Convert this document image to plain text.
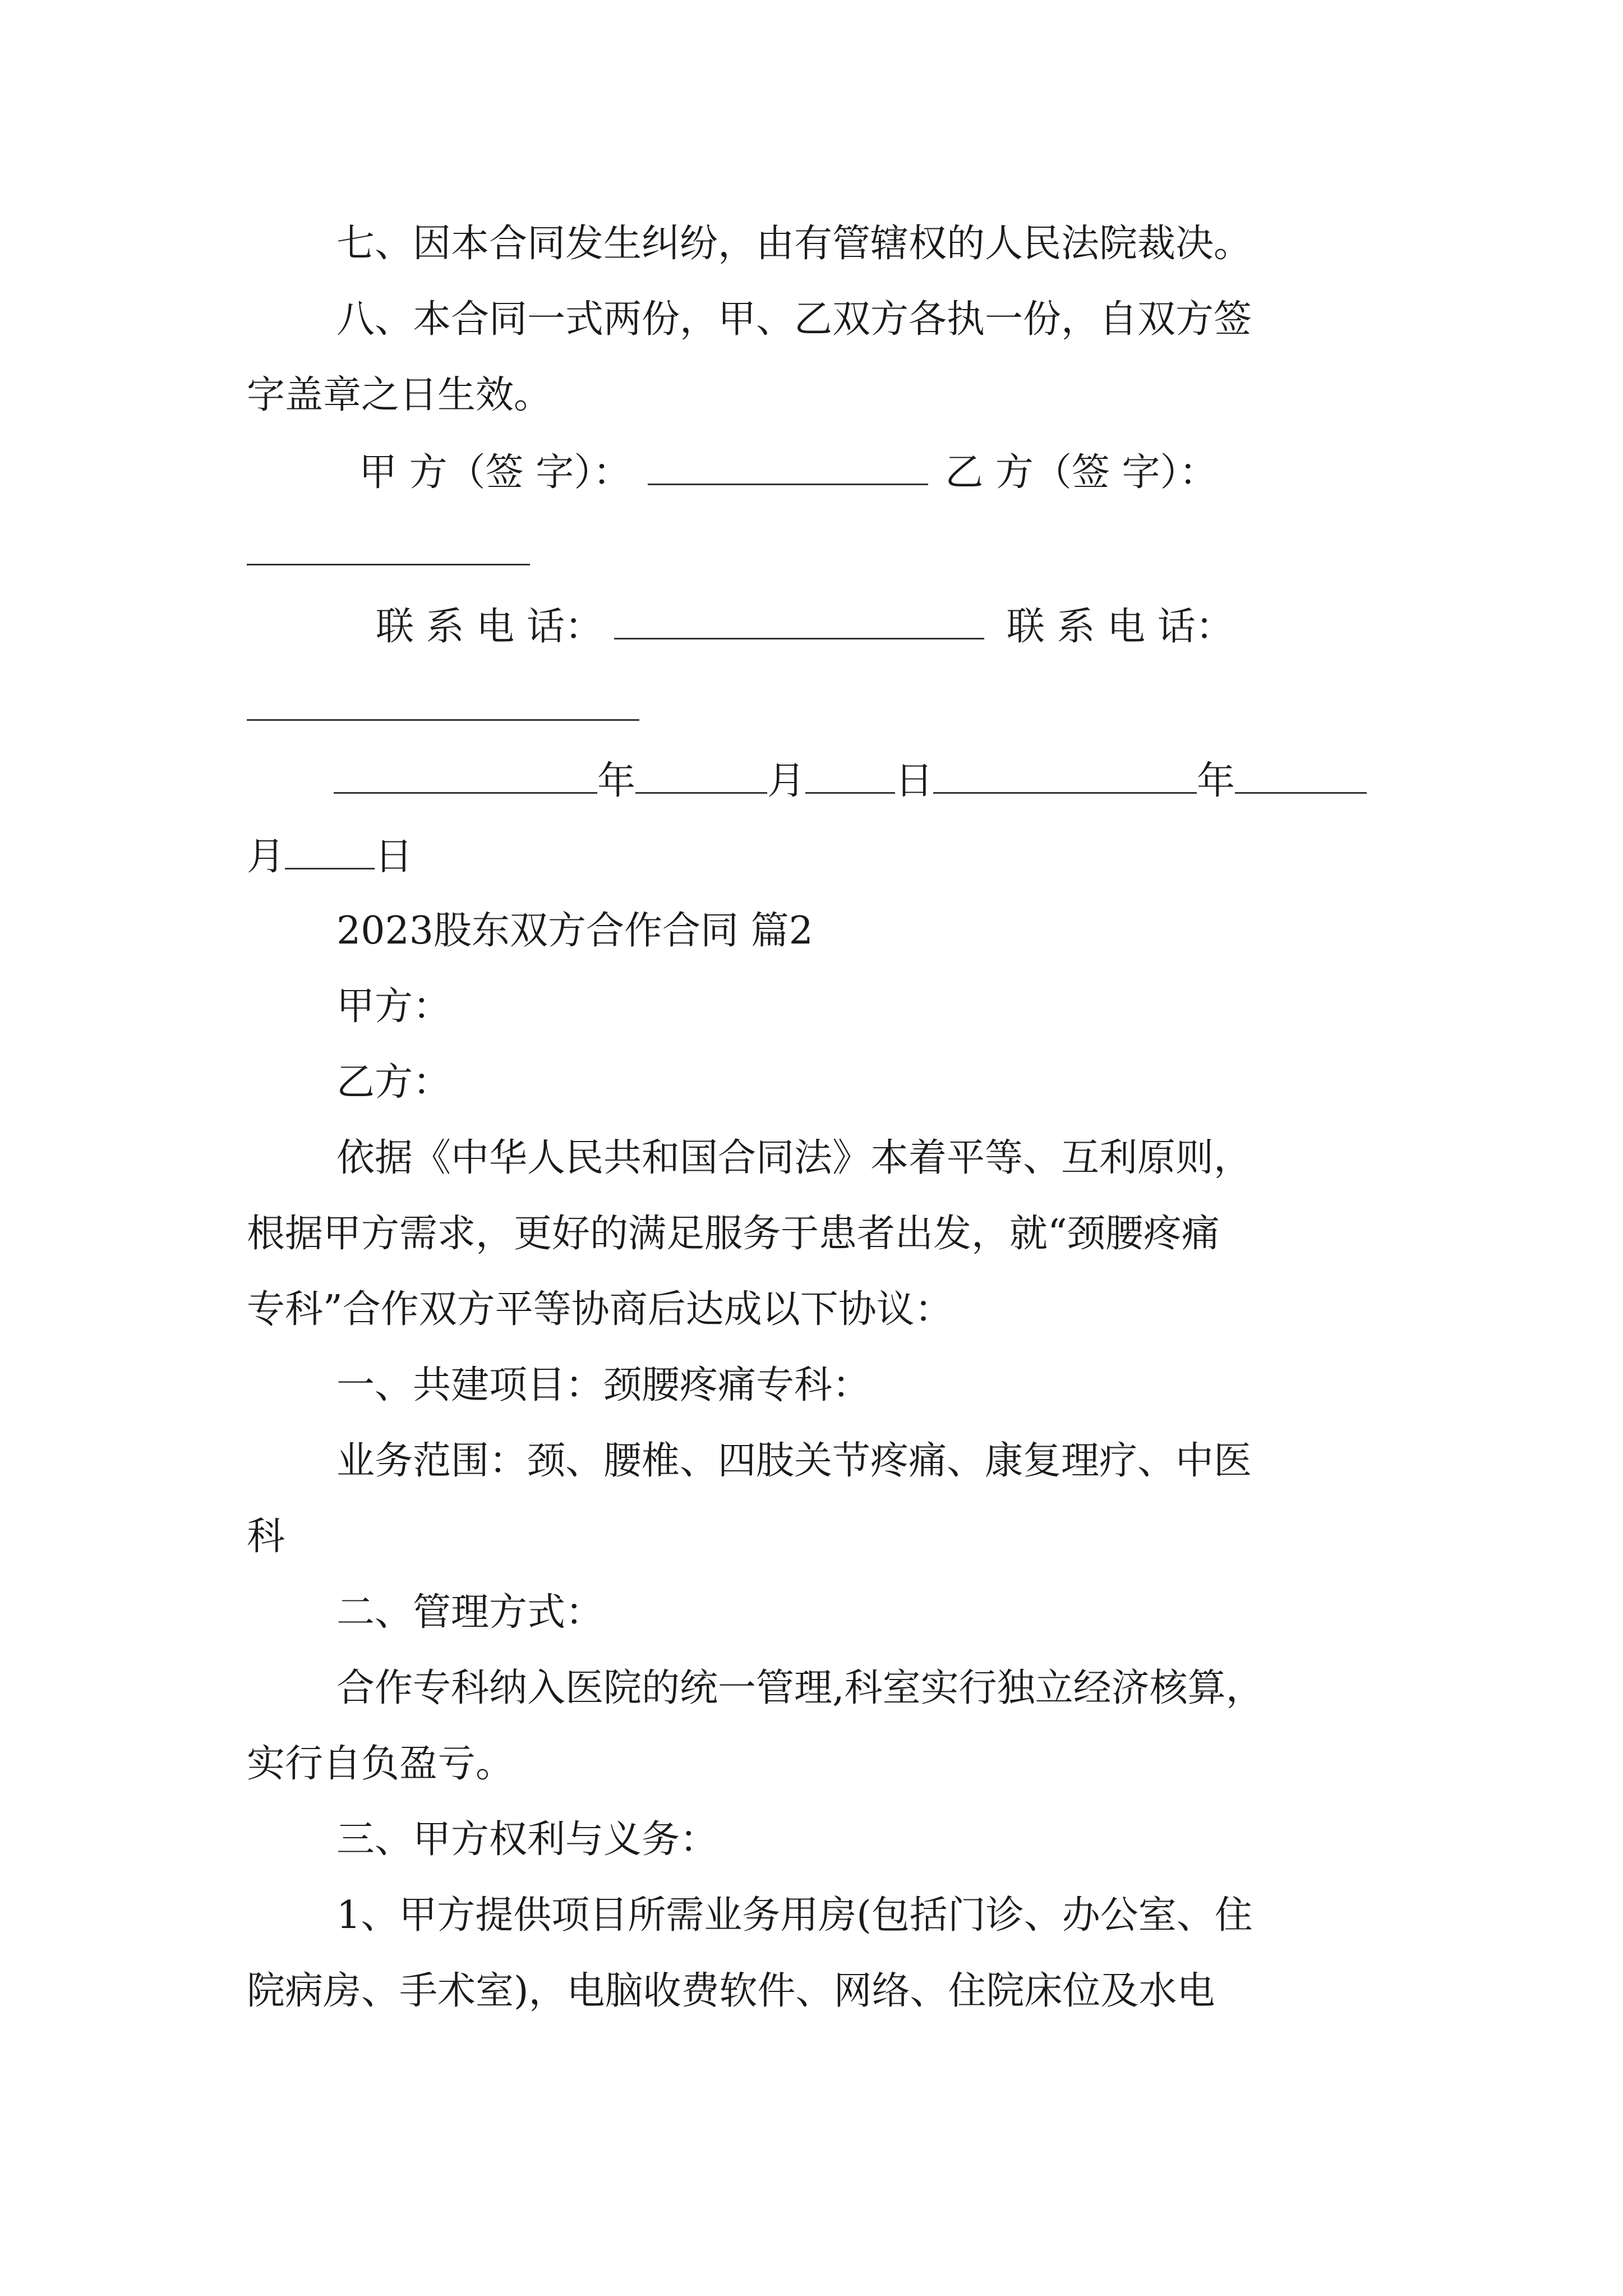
七、因本合同发生纠纷，由有管辖权的人民法院裁决。
八、本合同一式两份，甲、乙双方各执一份，自双方签
字盖章之日生效。
甲 方（签 字）：	乙 方（签 字）：
联 系 电 话：	联 系 电 话：
年	月 日	年
月 日
2023股东双方合作合同 篇2
甲方：
乙方：
依据《中华人民共和国合同法》本着平等、互利原则，
根据甲方需求，更好的满足服务于患者出发，就“颈腰疼痛
专科”合作双方平等协商后达成以下协议：
一、共建项目：颈腰疼痛专科：
业务范围：颈、腰椎、四肢关节疼痛、康复理疗、中医
科
二、管理方式：
合作专科纳入医院的统一管理,科室实行独立经济核算，
实行自负盈亏。
三、甲方权利与义务：
1、甲方提供项目所需业务用房(包括门诊、办公室、住
院病房、手术室)，电脑收费软件、网络、住院床位及水电
